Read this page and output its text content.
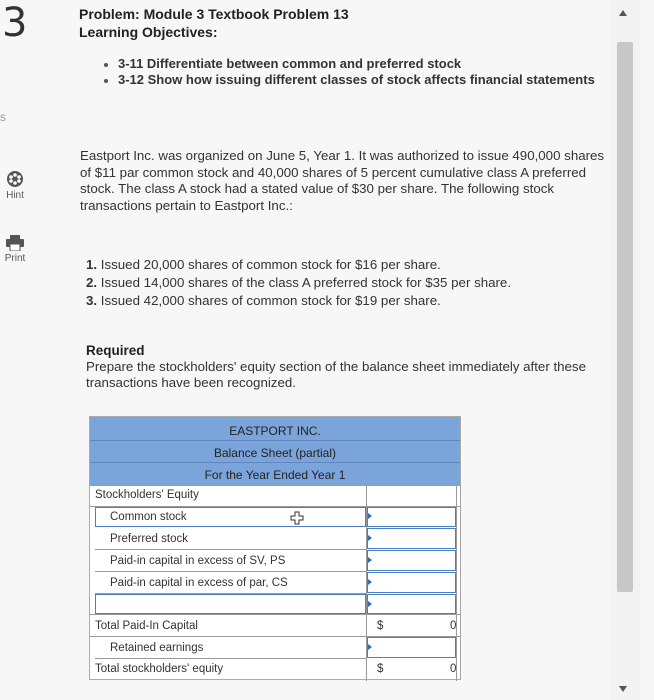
3
s
Hint
Print
Problem: Module 3 Textbook Problem 13
Learning Objectives:
3-11 Differentiate between common and preferred stock
3-12 Show how issuing different classes of stock affects financial statements
Eastport Inc. was organized on June 5, Year 1. It was authorized to issue 490,000 shares of $11 par common stock and 40,000 shares of 5 percent cumulative class A preferred stock. The class A stock had a stated value of $30 per share. The following stock transactions pertain to Eastport Inc.:
1. Issued 20,000 shares of common stock for $16 per share.
2. Issued 14,000 shares of the class A preferred stock for $35 per share.
3. Issued 42,000 shares of common stock for $19 per share.
Required
Prepare the stockholders' equity section of the balance sheet immediately after these transactions have been recognized.
EASTPORT INC.
Balance Sheet (partial)
For the Year Ended Year 1
Stockholders' Equity
Common stock
Preferred stock
Paid-in capital in excess of SV, PS
Paid-in capital in excess of par, CS
Total Paid-In Capital	$	0
Retained earnings
Total stockholders' equity	$	0
